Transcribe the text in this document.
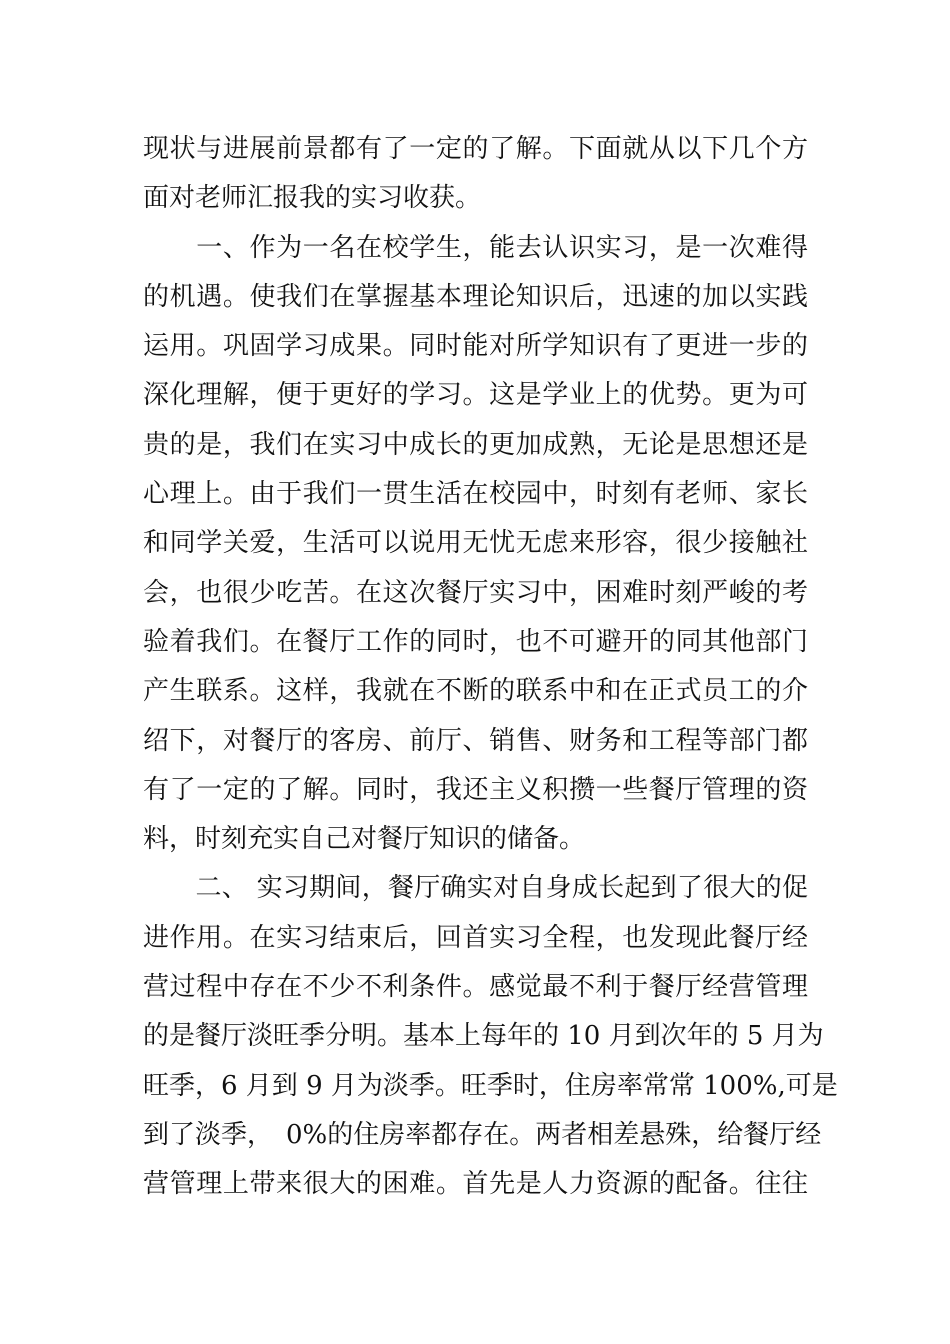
现状与进展前景都有了一定的了解。下面就从以下几个方
面对老师汇报我的实习收获。
　　一、作为一名在校学生，能去认识实习，是一次难得
的机遇。使我们在掌握基本理论知识后，迅速的加以实践
运用。巩固学习成果。同时能对所学知识有了更进一步的
深化理解，便于更好的学习。这是学业上的优势。更为可
贵的是，我们在实习中成长的更加成熟，无论是思想还是
心理上。由于我们一贯生活在校园中，时刻有老师、家长
和同学关爱，生活可以说用无忧无虑来形容，很少接触社
会，也很少吃苦。在这次餐厅实习中，困难时刻严峻的考
验着我们。在餐厅工作的同时，也不可避开的同其他部门
产生联系。这样，我就在不断的联系中和在正式员工的介
绍下，对餐厅的客房、前厅、销售、财务和工程等部门都
有了一定的了解。同时，我还主义积攒一些餐厅管理的资
料，时刻充实自己对餐厅知识的储备。
　　二、 实习期间，餐厅确实对自身成长起到了很大的促
进作用。在实习结束后，回首实习全程，也发现此餐厅经
营过程中存在不少不利条件。感觉最不利于餐厅经营管理
的是餐厅淡旺季分明。基本上每年的 10 月到次年的 5 月为
旺季，6 月到 9 月为淡季。旺季时，住房率常常 100%,可是
到了淡季，　0%的住房率都存在。两者相差悬殊，给餐厅经
营管理上带来很大的困难。首先是人力资源的配备。往往
